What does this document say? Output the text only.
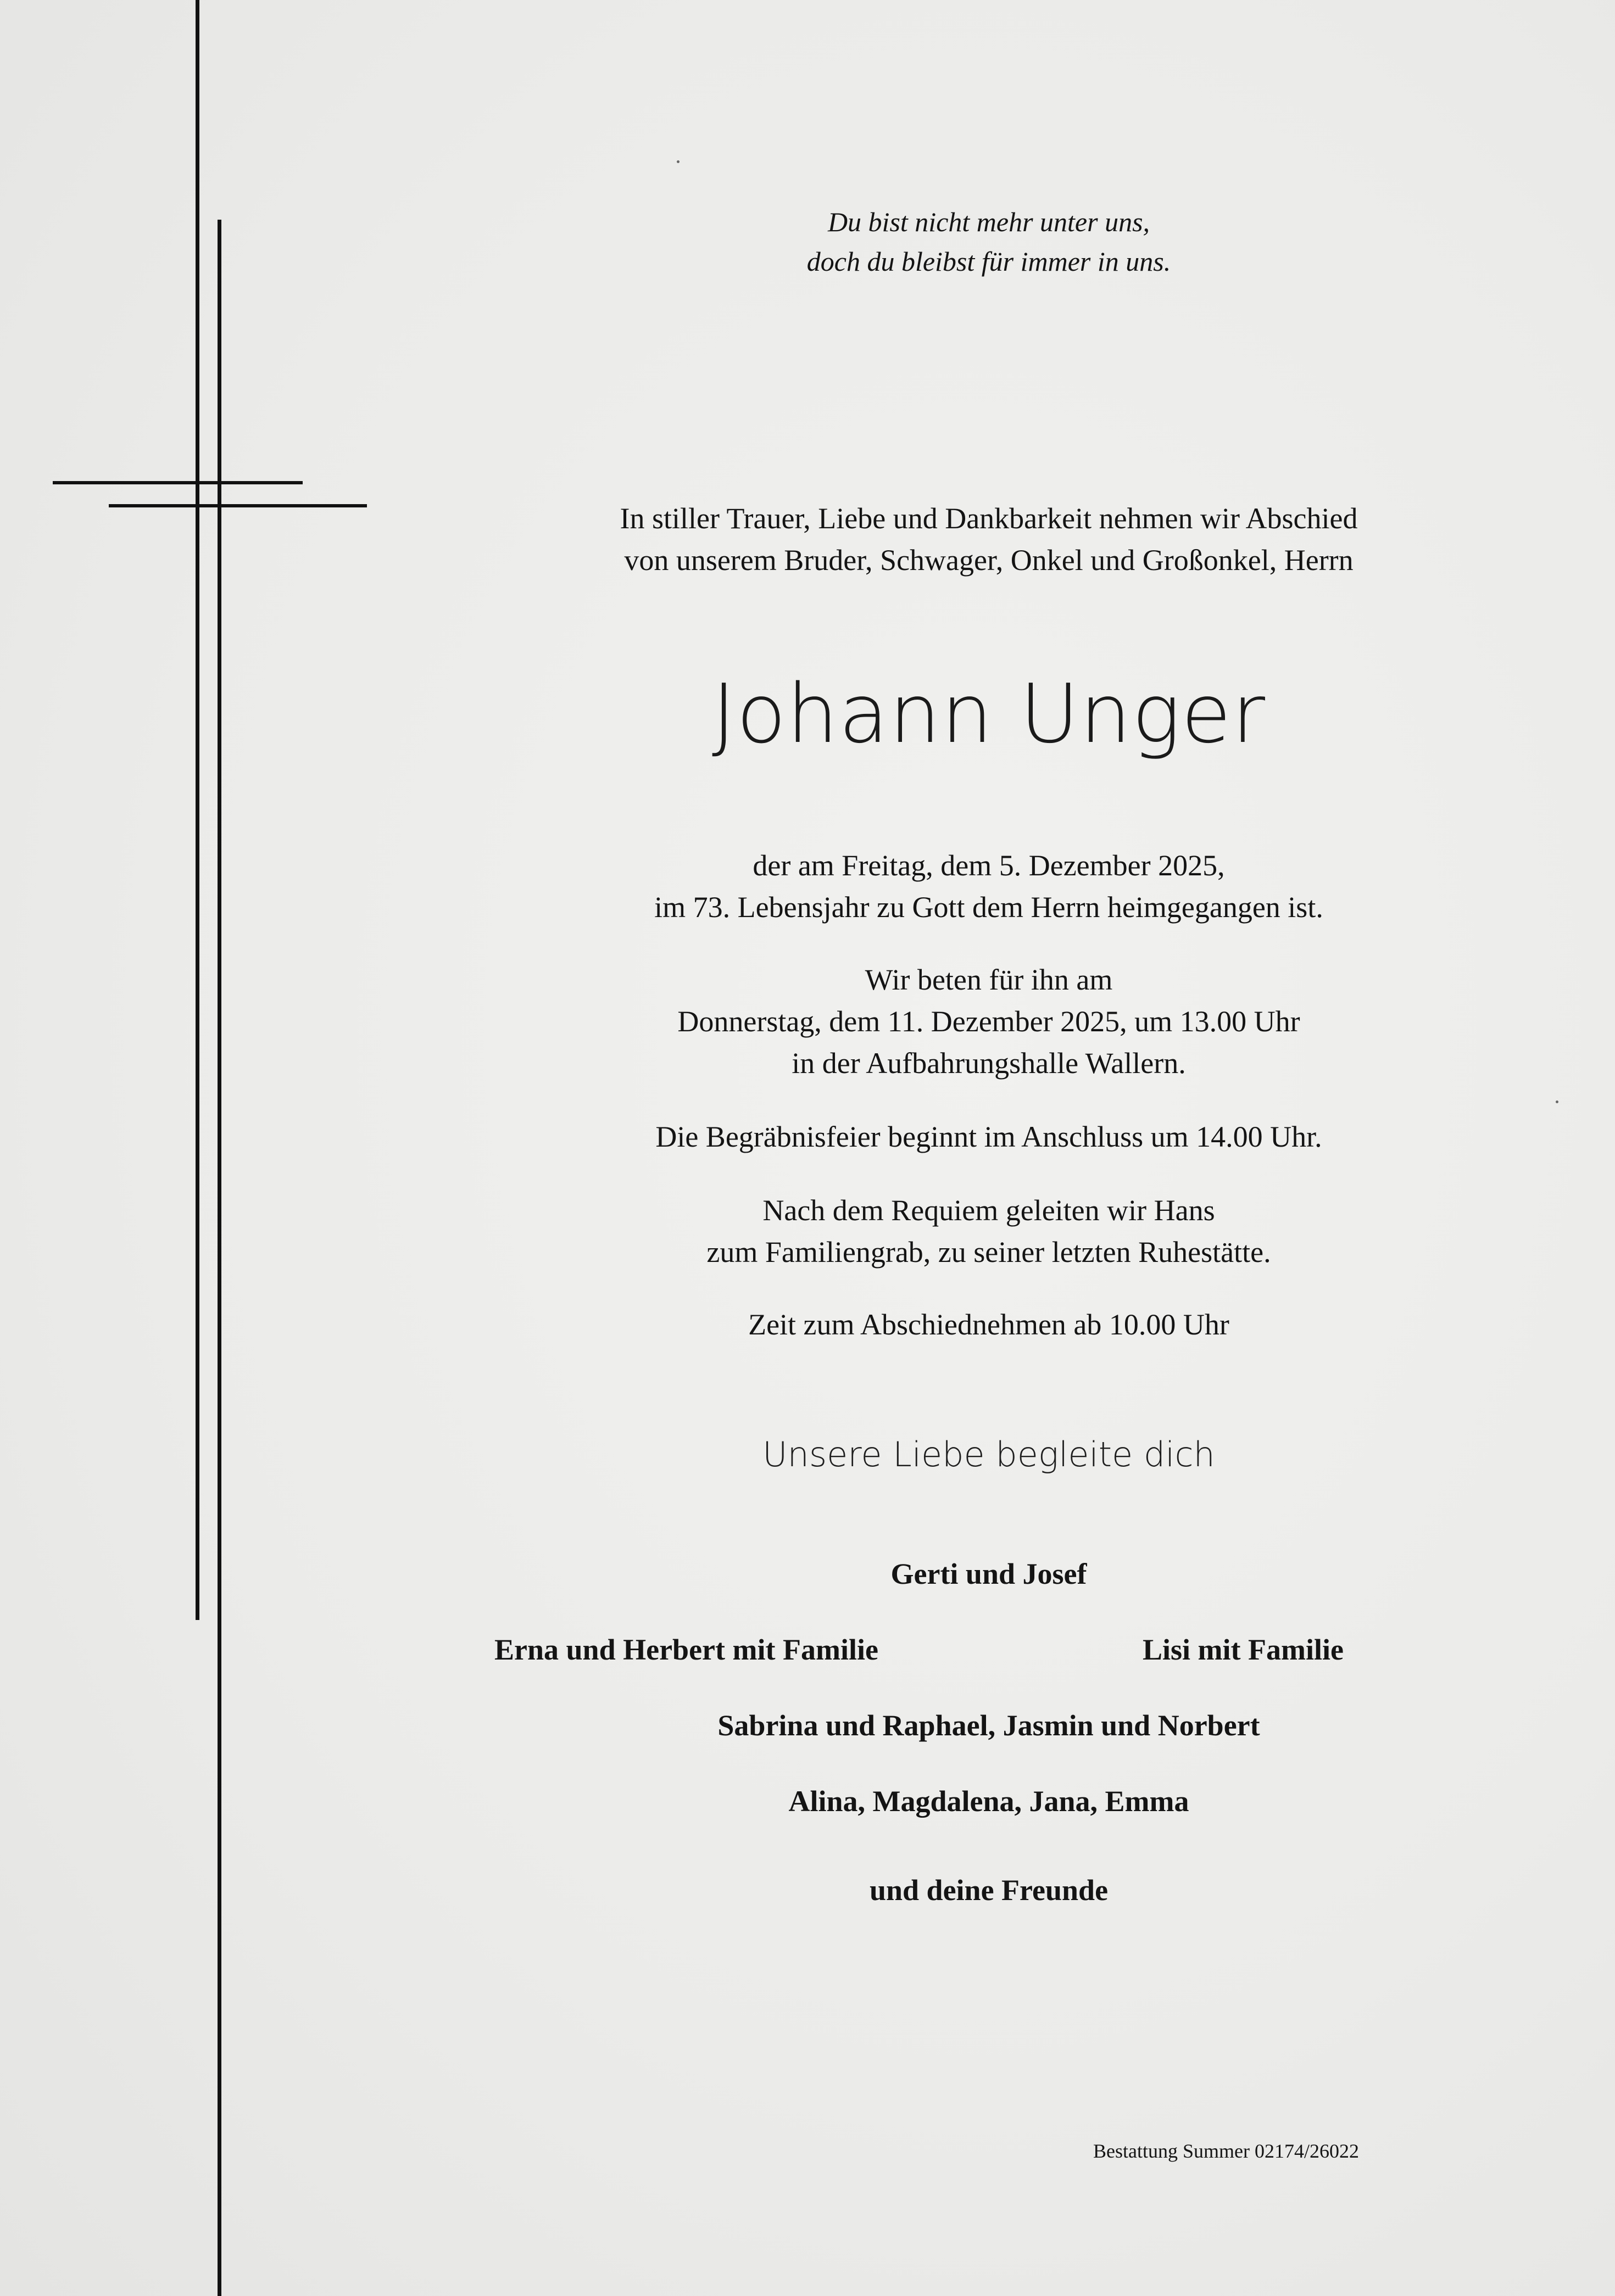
Du bist nicht mehr unter uns,
doch du bleibst für immer in uns.
In stiller Trauer, Liebe und Dankbarkeit nehmen wir Abschied
von unserem Bruder, Schwager, Onkel und Großonkel, Herrn
Johann Unger
der am Freitag, dem 5. Dezember 2025,
im 73. Lebensjahr zu Gott dem Herrn heimgegangen ist.
Wir beten für ihn am
Donnerstag, dem 11. Dezember 2025, um 13.00 Uhr
in der Aufbahrungshalle Wallern.
Die Begräbnisfeier beginnt im Anschluss um 14.00 Uhr.
Nach dem Requiem geleiten wir Hans
zum Familiengrab, zu seiner letzten Ruhestätte.
Zeit zum Abschiednehmen ab 10.00 Uhr
Unsere Liebe begleite dich
Gerti und Josef
Erna und Herbert mit Familie	Lisi mit Familie
Sabrina und Raphael, Jasmin und Norbert
Alina, Magdalena, Jana, Emma
und deine Freunde
Bestattung Summer 02174/26022
